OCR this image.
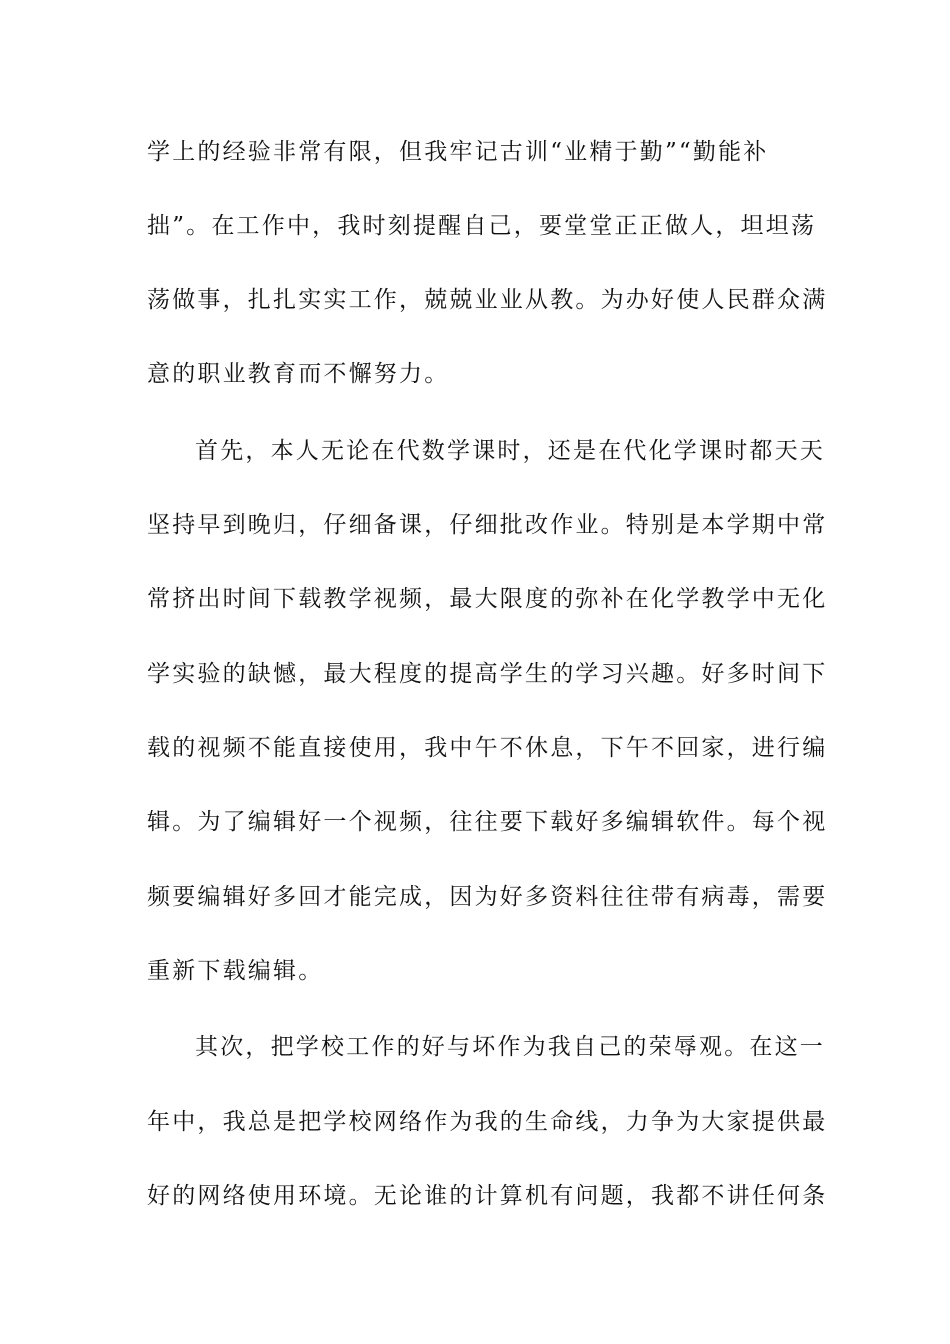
学上的经验非常有限，但我牢记古训“业精于勤”“勤能补
拙”。在工作中，我时刻提醒自己，要堂堂正正做人，坦坦荡
荡做事，扎扎实实工作，兢兢业业从教。为办好使人民群众满
意的职业教育而不懈努力。
首先，本人无论在代数学课时，还是在代化学课时都天天
坚持早到晚归，仔细备课，仔细批改作业。特别是本学期中常
常挤出时间下载教学视频，最大限度的弥补在化学教学中无化
学实验的缺憾，最大程度的提高学生的学习兴趣。好多时间下
载的视频不能直接使用，我中午不休息，下午不回家，进行编
辑。为了编辑好一个视频，往往要下载好多编辑软件。每个视
频要编辑好多回才能完成，因为好多资料往往带有病毒，需要
重新下载编辑。
其次，把学校工作的好与坏作为我自己的荣辱观。在这一
年中，我总是把学校网络作为我的生命线，力争为大家提供最
好的网络使用环境。无论谁的计算机有问题，我都不讲任何条
